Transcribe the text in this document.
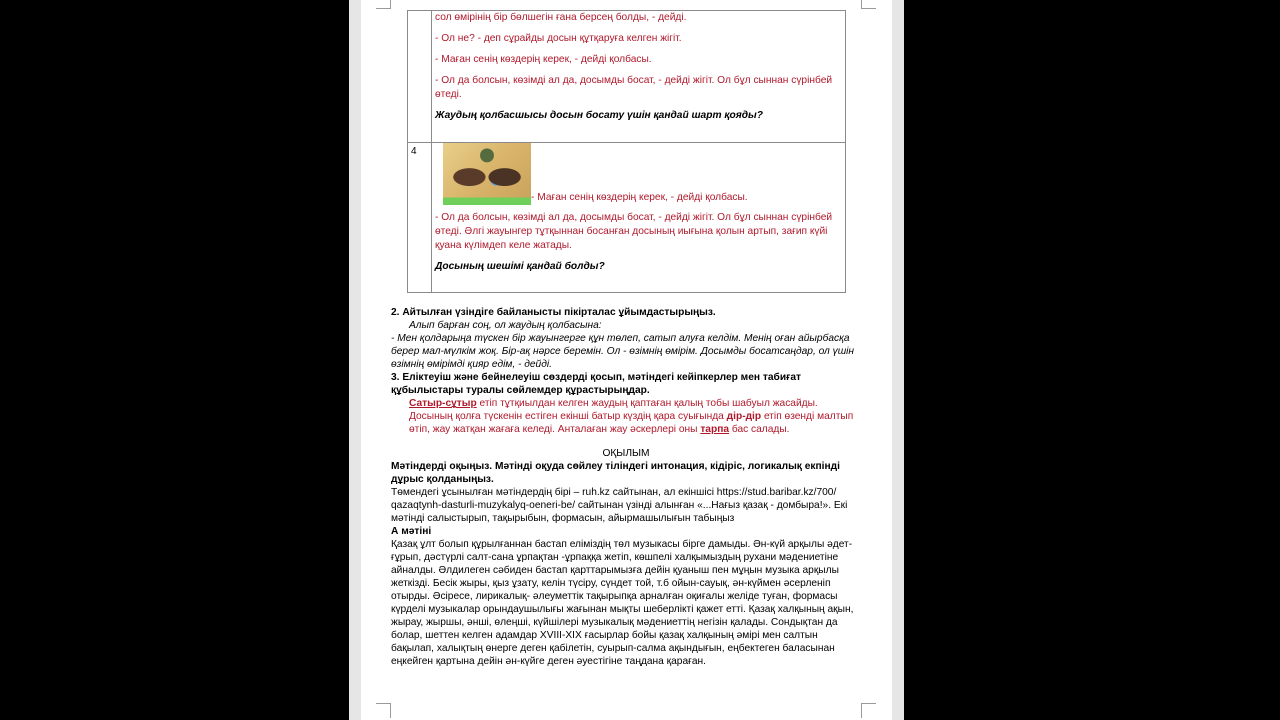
	сол өмірінің бір бөлшегін ғана берсең болды, - дейді.

- Ол не? - деп сұрайды досын құтқаруға келген жігіт.

- Маған сенің көздерің керек, - дейді қолбасы.

- Ол да болсын, көзімді ал да, досымды босат, - дейді жігіт. Ол бұл сыннан сүрінбей өтеді.

Жаудың қолбасшысы досын босату үшін қандай шарт қояды?

4	- Маған сенің көздерің керек, - дейді қолбасы.

- Ол да болсын, көзімді ал да, досымды босат, - дейді жігіт. Ол бұл сыннан сүрінбей өтеді. Әлгі жауынгер тұтқыннан босанған досының иығына қолын артып, зағип күйі қуана күлімдеп келе жатады.

Досының шешімі қандай болды?

2. Айтылған үзіндіге байланысты пікірталас ұйымдастырыңыз.
Алып барған соң, ол жаудың қолбасына:
- Мен қолдарыңа түскен бір жауынгерге құн төлеп, сатып алуға келдім. Менің оған айырбасқа берер мал-мүлкім жоқ. Бір-ақ нәрсе беремін. Ол - өзімнің өмірім. Досымды босатсаңдар, ол үшін өзімнің өмірімді қияр едім, - дейді.
3. Еліктеуіш және бейнелеуіш сөздерді қосып, мәтіндегі кейіпкерлер мен табиғат құбылыстары туралы сөйлемдер құрастырыңдар.
Сатыр-сұтыр етіп тұтқиылдан келген жаудың қаптаған қалың тобы шабуыл жасайды. Досының қолға түскенін естіген екінші батыр күздің қара суығында дір-дір етіп өзенді малтып өтіп, жау жатқан жағаға келеді. Анталаған жау әскерлері оны тарпа бас салады.
ОҚЫЛЫМ
Мәтіндерді оқыңыз. Мәтінді оқуда сөйлеу тіліндегі интонация, кідіріс, логикалық екпінді дұрыс қолданыңыз.
Төмендегі ұсынылған мәтіндердің бірі – ruh.kz сайтынан, ал екіншісі https://stud.baribar.kz/700/ qazaqtynh-dasturli-muzykalyq-oeneri-be/ сайтынан үзінді алынған «...Нағыз қазақ - домбыра!». Екі мәтінді салыстырып, тақырыбын, формасын, айырмашылығын табыңыз
А мәтіні
Қазақ ұлт болып құрылғаннан бастап еліміздің төл музыкасы бірге дамыды. Ән-күй арқылы әдет-ғұрып, дәстүрлі салт-сана ұрпақтан -ұрпаққа жетіп, көшпелі халқымыздың рухани мәдениетіне айналды. Әлдилеген сәбиден бастап қарттарымызға дейін қуаныш пен мұңын музыка арқылы жеткізді. Бесік жыры, қыз ұзату, келін түсіру, сүндет той, т.б ойын-сауық, ән-күймен әсерленіп отырды. Әсіресе, лирикалық- әлеуметтік тақырыпқа арналған оқиғалы желіде туған, формасы күрделі музыкалар орындаушылығы жағынан мықты шеберлікті қажет етті. Қазақ халқының ақын, жырау, жыршы, әнші, өлеңші, күйшілері музыкалық мәдениеттің негізін қалады. Сондықтан да болар, шеттен келген адамдар XVIII-XIX ғасырлар бойы қазақ халқының әмірі мен салтын бақылап, халықтың өнерге деген қабілетін, суырып-салма ақындығын, еңбектеген баласынан еңкейген қартына дейін ән-күйге деген әуестігіне таңдана қараған.
